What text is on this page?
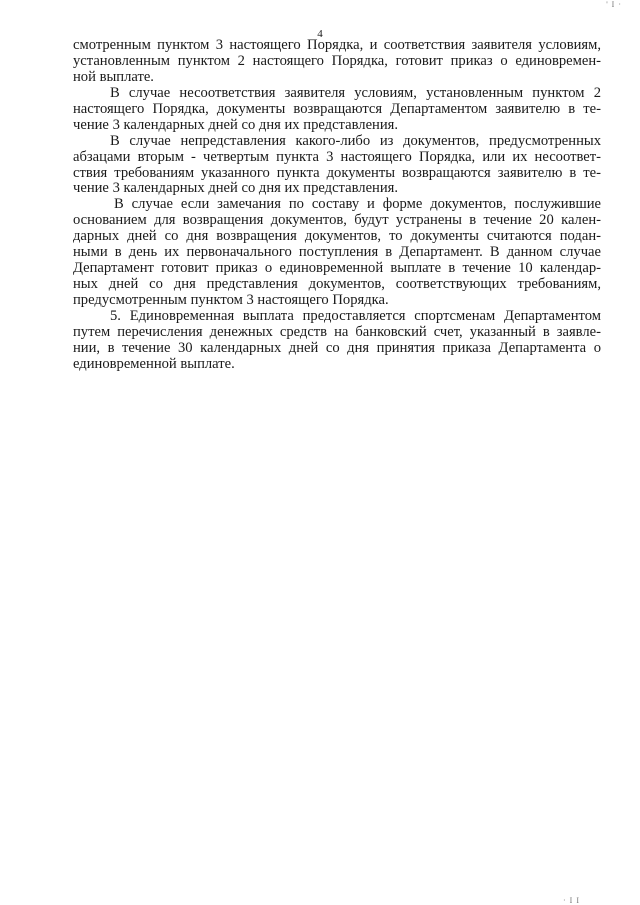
' I ·
4
смотренным пунктом 3 настоящего Порядка, и соответствия заявителя условиям,
установленным пунктом 2 настоящего Порядка, готовит приказ о единовремен-
ной выплате.
В случае несоответствия заявителя условиям, установленным пунктом 2
настоящего Порядка, документы возвращаются Департаментом заявителю в те-
чение 3 календарных дней со дня их представления.
В случае непредставления какого-либо из документов, предусмотренных
абзацами вторым - четвертым пункта 3 настоящего Порядка, или их несоответ-
ствия требованиям указанного пункта документы возвращаются заявителю в те-
чение 3 календарных дней со дня их представления.
В случае если замечания по составу и форме документов, послужившие
основанием для возвращения документов, будут устранены в течение 20 кален-
дарных дней со дня возвращения документов, то документы считаются подан-
ными в день их первоначального поступления в Департамент. В данном случае
Департамент готовит приказ о единовременной выплате в течение 10 календар-
ных дней со дня представления документов, соответствующих требованиям,
предусмотренным пунктом 3 настоящего Порядка.
5. Единовременная выплата предоставляется спортсменам Департаментом
путем перечисления денежных средств на банковский счет, указанный в заявле-
нии, в течение 30 календарных дней со дня принятия приказа Департамента о
единовременной выплате.
· I I
